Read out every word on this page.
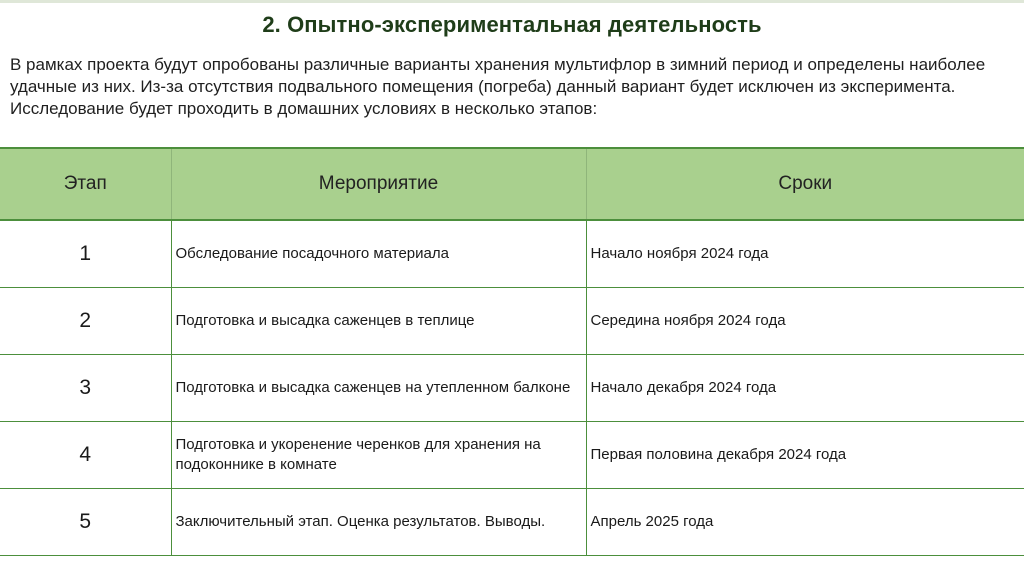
2. Опытно-экспериментальная деятельность
В рамках проекта будут опробованы различные варианты хранения мультифлор в зимний период и определены наиболее удачные из них. Из-за отсутствия подвального помещения (погреба) данный вариант будет исключен из эксперимента. Исследование будет проходить в домашних условиях в несколько этапов:
Этап	Мероприятие	Сроки
1	Обследование посадочного материала	Начало ноября 2024 года
2	Подготовка и высадка саженцев в теплице	Середина ноября 2024 года
3	Подготовка и высадка саженцев на утепленном балконе	Начало декабря 2024 года
4	Подготовка и укоренение черенков для хранения на подоконнике в комнате	Первая половина декабря 2024 года
5	Заключительный этап. Оценка результатов. Выводы.	Апрель 2025 года
